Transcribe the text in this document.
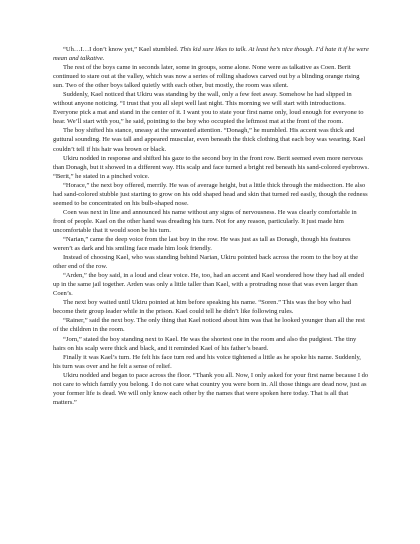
“Uh…I…I don’t know yet,” Kael stumbled. This kid sure likes to talk. At least he’s nice though. I’d hate it if he were mean and talkative.

The rest of the boys came in seconds later, some in groups, some alone. None were as talkative as Coen. Berit continued to stare out at the valley, which was now a series of rolling shadows carved out by a blinding orange rising sun. Two of the other boys talked quietly with each other, but mostly, the room was silent.

Suddenly, Kael noticed that Ukiru was standing by the wall, only a few feet away. Somehow he had slipped in without anyone noticing. “I trust that you all slept well last night. This morning we will start with introductions. Everyone pick a mat and stand in the center of it. I want you to state your first name only, loud enough for everyone to hear. We’ll start with you,” he said, pointing to the boy who occupied the leftmost mat at the front of the room.

The boy shifted his stance, uneasy at the unwanted attention. “Donagh,” he mumbled. His accent was thick and guttural sounding. He was tall and appeared muscular, even beneath the thick clothing that each boy was wearing. Kael couldn’t tell if his hair was brown or black.

Ukiru nodded in response and shifted his gaze to the second boy in the front row. Berit seemed even more nervous than Donagh, but it showed in a different way. His scalp and face turned a bright red beneath his sand-colored eyebrows. “Berit,” he stated in a pinched voice.

“Horace,” the next boy offered, merrily. He was of average height, but a little thick through the midsection. He also had sand-colored stubble just starting to grow on his odd shaped head and skin that turned red easily, though the redness seemed to be concentrated on his bulb-shaped nose.

Coen was next in line and announced his name without any signs of nervousness. He was clearly comfortable in front of people. Kael on the other hand was dreading his turn. Not for any reason, particularly. It just made him uncomfortable that it would soon be his turn.

“Narian,” came the deep voice from the last boy in the row. He was just as tall as Donagh, though his features weren’t as dark and his smiling face made him look friendly.

Instead of choosing Kael, who was standing behind Narian, Ukiru pointed back across the room to the boy at the other end of the row.

“Arden,” the boy said, in a loud and clear voice. He, too, had an accent and Kael wondered how they had all ended up in the same jail together. Arden was only a little taller than Kael, with a protruding nose that was even larger than Coen’s.

The next boy waited until Ukiru pointed at him before speaking his name. “Soren.” This was the boy who had become their group leader while in the prison. Kael could tell he didn’t like following rules.

“Rainer,” said the next boy. The only thing that Kael noticed about him was that he looked younger than all the rest of the children in the room.

“Jorn,” stated the boy standing next to Kael. He was the shortest one in the room and also the pudgiest. The tiny hairs on his scalp were thick and black, and it reminded Kael of his father’s beard.

Finally it was Kael’s turn. He felt his face turn red and his voice tightened a little as he spoke his name. Suddenly, his turn was over and he felt a sense of relief.

Ukiru nodded and began to pace across the floor. “Thank you all. Now, I only asked for your first name because I do not care to which family you belong. I do not care what country you were born in. All those things are dead now, just as your former life is dead. We will only know each other by the names that were spoken here today. That is all that matters.”
